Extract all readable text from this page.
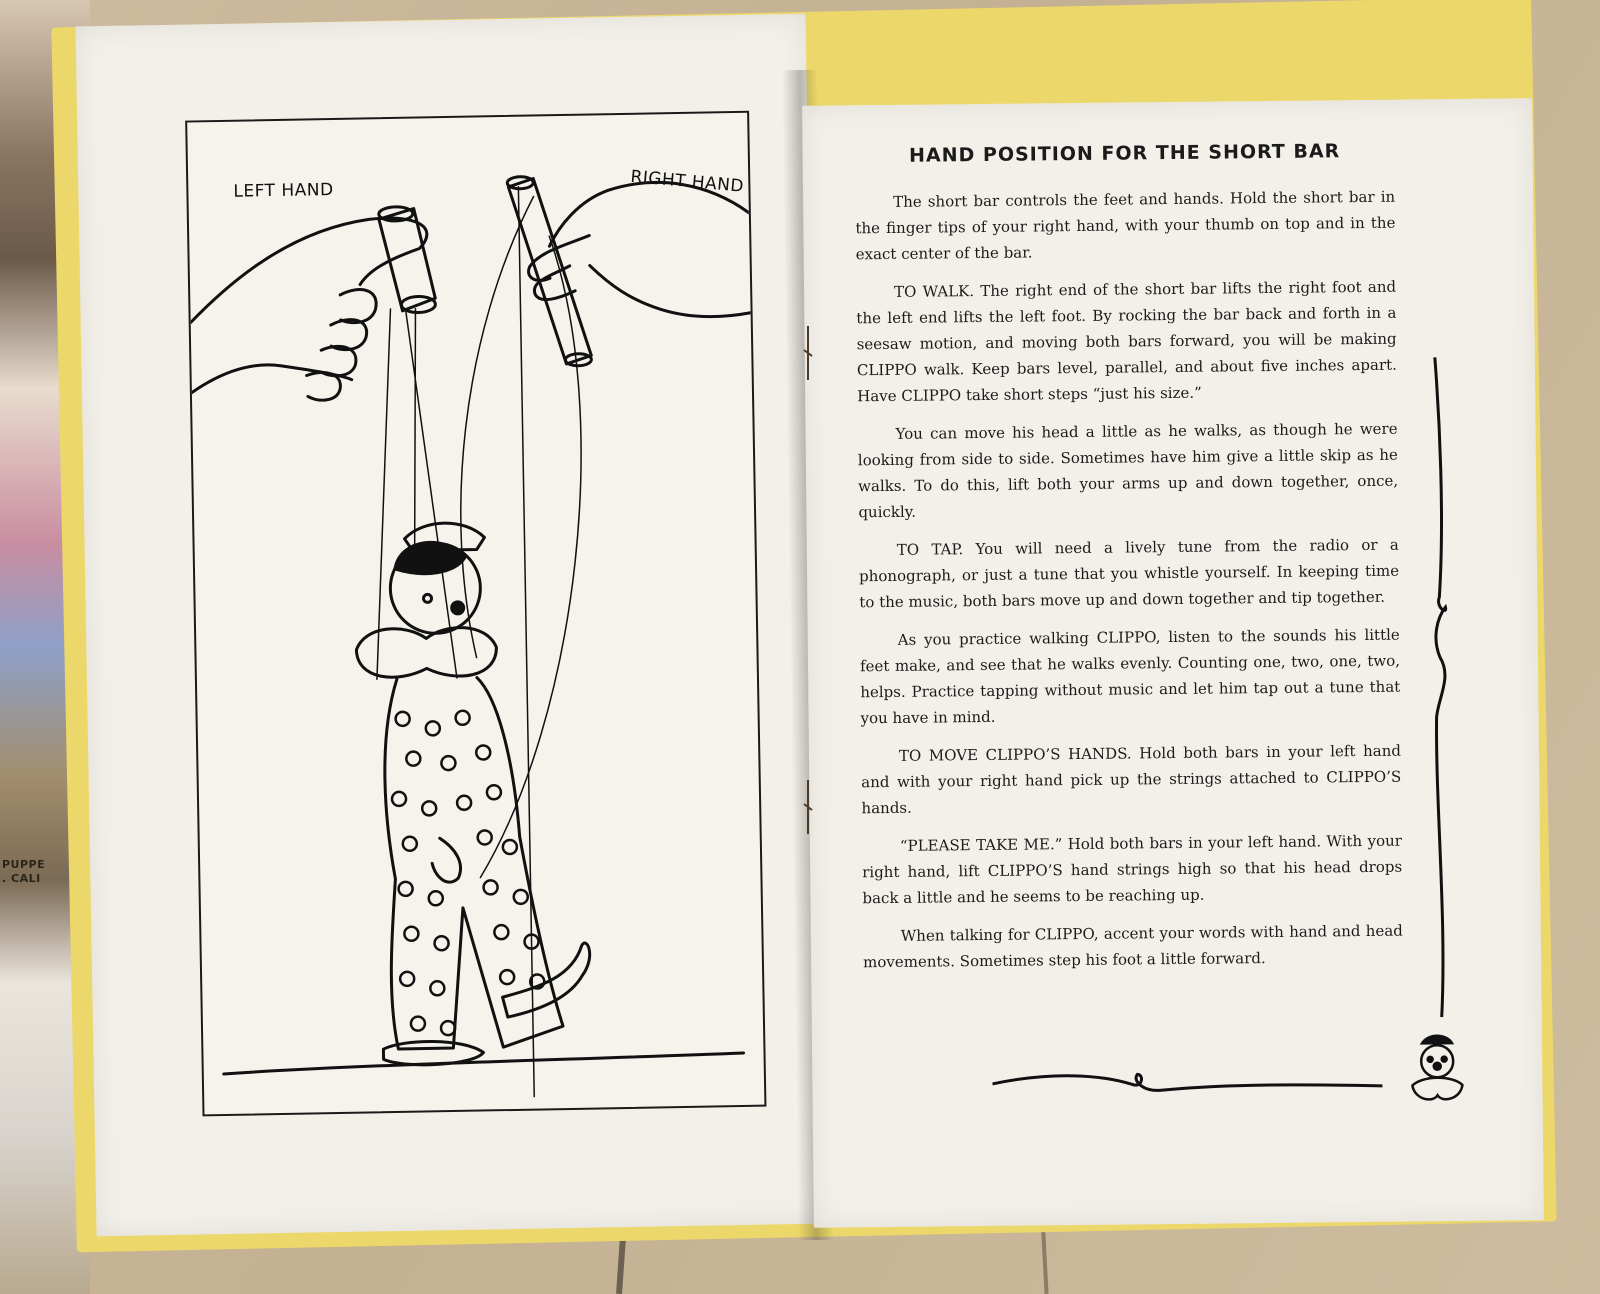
PUPPE
. CALI
LEFT HAND	RIGHT HAND
HAND POSITION FOR THE SHORT BAR

The short bar controls the feet and hands. Hold the short bar in the finger tips of your right hand, with your thumb on top and in the exact center of the bar.

TO WALK. The right end of the short bar lifts the right foot and the left end lifts the left foot. By rocking the bar back and forth in a seesaw motion, and moving both bars forward, you will be making CLIPPO walk. Keep bars level, parallel, and about five inches apart. Have CLIPPO take short steps “just his size.”

You can move his head a little as he walks, as though he were looking from side to side. Sometimes have him give a little skip as he walks. To do this, lift both your arms up and down together, once, quickly.

TO TAP. You will need a lively tune from the radio or a phonograph, or just a tune that you whistle yourself. In keeping time to the music, both bars move up and down together and tip together.

As you practice walking CLIPPO, listen to the sounds his little feet make, and see that he walks evenly. Counting one, two, one, two, helps. Practice tapping without music and let him tap out a tune that you have in mind.

TO MOVE CLIPPO’S HANDS. Hold both bars in your left hand and with your right hand pick up the strings attached to CLIPPO’S hands.

“PLEASE TAKE ME.” Hold both bars in your left hand. With your right hand, lift CLIPPO’S hand strings high so that his head drops back a little and he seems to be reaching up.

When talking for CLIPPO, accent your words with hand and head movements. Sometimes step his foot a little forward.
